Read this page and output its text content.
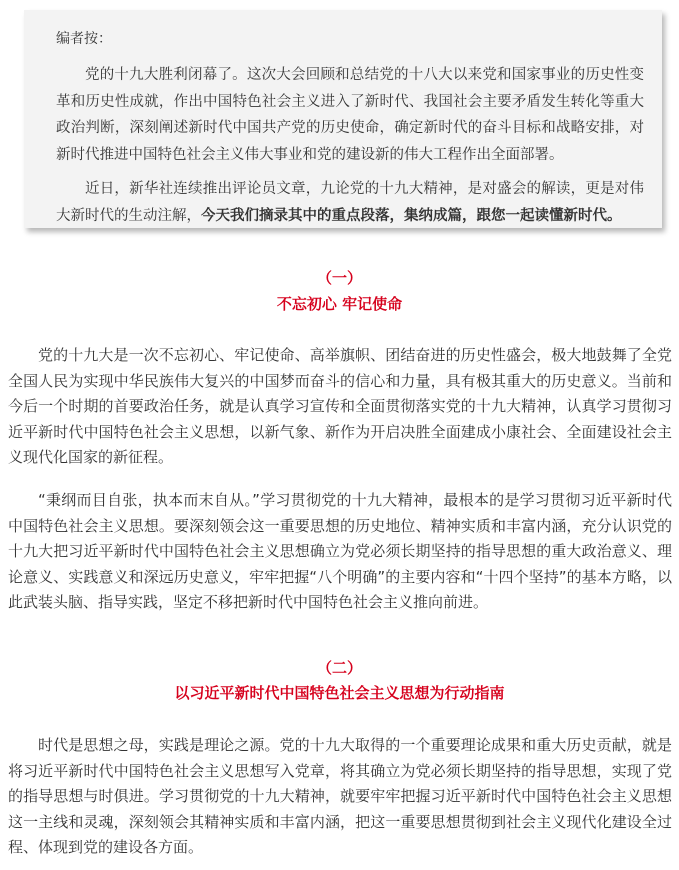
编者按：

党的十九大胜利闭幕了。这次大会回顾和总结党的十八大以来党和国家事业的历史性变革和历史性成就，作出中国特色社会主义进入了新时代、我国社会主要矛盾发生转化等重大政治判断，深刻阐述新时代中国共产党的历史使命，确定新时代的奋斗目标和战略安排，对新时代推进中国特色社会主义伟大事业和党的建设新的伟大工程作出全面部署。

近日，新华社连续推出评论员文章，九论党的十九大精神，是对盛会的解读，更是对伟大新时代的生动注解，今天我们摘录其中的重点段落，集纳成篇，跟您一起读懂新时代。

（一）
不忘初心 牢记使命

党的十九大是一次不忘初心、牢记使命、高举旗帜、团结奋进的历史性盛会，极大地鼓舞了全党全国人民为实现中华民族伟大复兴的中国梦而奋斗的信心和力量，具有极其重大的历史意义。当前和今后一个时期的首要政治任务，就是认真学习宣传和全面贯彻落实党的十九大精神，认真学习贯彻习近平新时代中国特色社会主义思想，以新气象、新作为开启决胜全面建成小康社会、全面建设社会主义现代化国家的新征程。

“秉纲而目自张，执本而末自从。”学习贯彻党的十九大精神，最根本的是学习贯彻习近平新时代中国特色社会主义思想。要深刻领会这一重要思想的历史地位、精神实质和丰富内涵，充分认识党的十九大把习近平新时代中国特色社会主义思想确立为党必须长期坚持的指导思想的重大政治意义、理论意义、实践意义和深远历史意义，牢牢把握“八个明确”的主要内容和“十四个坚持”的基本方略，以此武装头脑、指导实践，坚定不移把新时代中国特色社会主义推向前进。

（二）
以习近平新时代中国特色社会主义思想为行动指南

时代是思想之母，实践是理论之源。党的十九大取得的一个重要理论成果和重大历史贡献，就是将习近平新时代中国特色社会主义思想写入党章，将其确立为党必须长期坚持的指导思想，实现了党的指导思想与时俱进。学习贯彻党的十九大精神，就要牢牢把握习近平新时代中国特色社会主义思想这一主线和灵魂，深刻领会其精神实质和丰富内涵，把这一重要思想贯彻到社会主义现代化建设全过程、体现到党的建设各方面。
